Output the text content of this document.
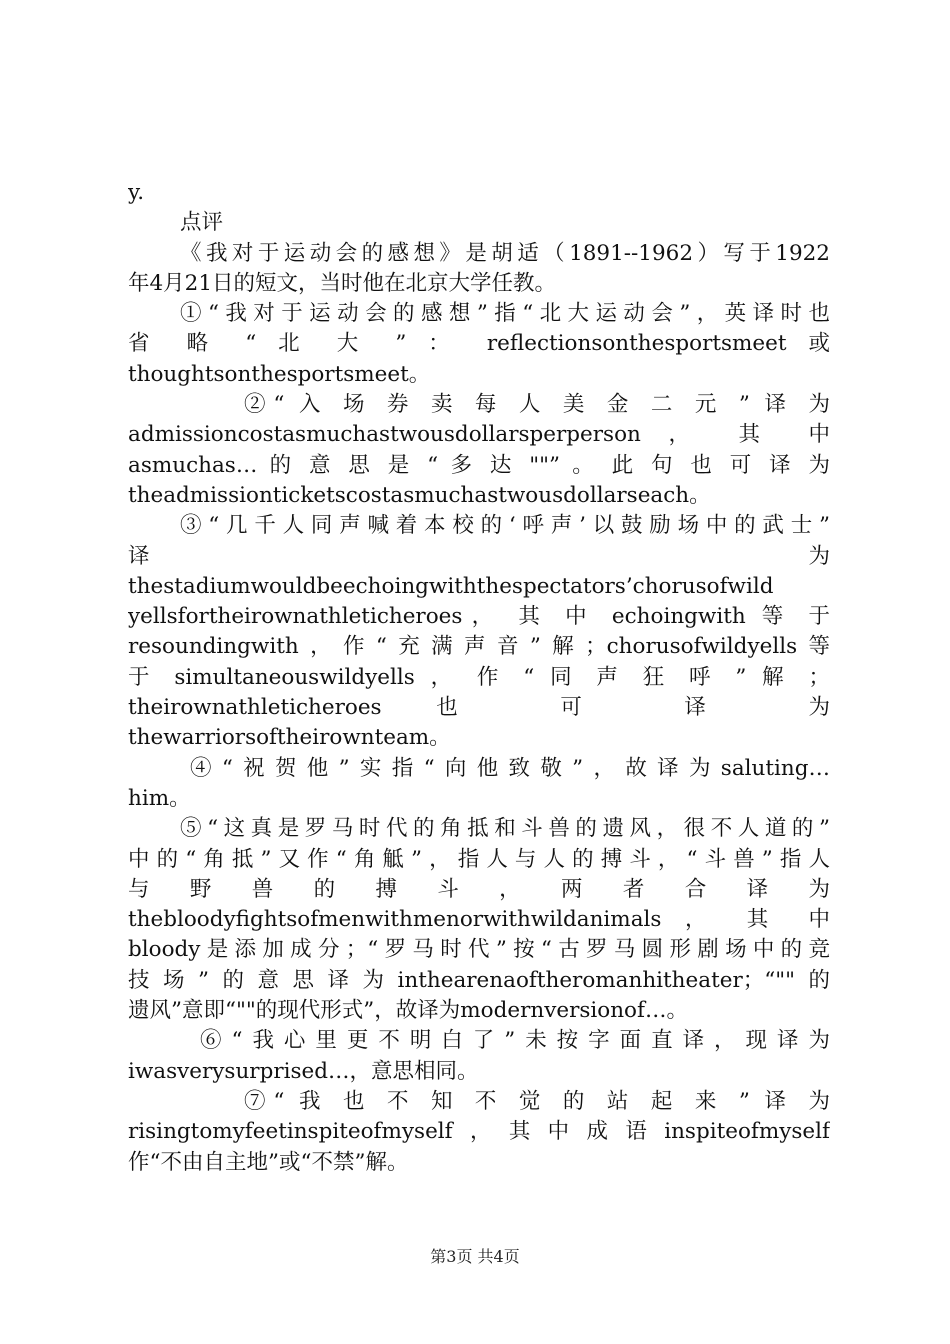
y.
点评
《我对于运动会的感想》是胡适（1891--1962）写于1922
年4月21日的短文，当时他在北京大学任教。
①“我对于运动会的感想”指“北大运动会”，英译时也
省 略 “ 北 大 ” ： reflectionsonthesportsmeet 或
thoughtsonthesportsmeet。
②“ 入 场 券 卖 每 人 美 金 二 元 ” 译 为
admissioncostasmuchastwousdollarsperperson ， 其 中
asmuchas… 的 意 思 是 “ 多 达 ""” 。 此 句 也 可 译 为
theadmissionticketscostasmuchastwousdollarseach。
③“几千人同声喊着本校的‘呼声’以鼓励场中的武士”
译 为
thestadiumwouldbeechoingwiththespectators’chorusofwild
yellsfortheirownathleticheroes， 其 中 echoingwith 等 于
resoundingwith，作“充满声音”解；chorusofwildyells等
于 simultaneouswildyells ， 作 “ 同 声 狂 呼 ” 解 ；
theirownathleticheroes 也 可 译 为
thewarriorsoftheirownteam。
④“祝贺他”实指“向他致敬”，故译为saluting…
him。
⑤“这真是罗马时代的角抵和斗兽的遗风，很不人道的”
中的“角抵”又作“角觝”，指人与人的搏斗，“斗兽”指人
与 野 兽 的 搏 斗 ， 两 者 合 译 为
thebloodyfightsofmenwithmenorwithwildanimals ， 其 中
bloody是添加成分；“罗马时代”按“古罗马圆形剧场中的竞
技场”的意思译为inthearenaoftheromanhitheater；“""的
遗风”意即“""的现代形式”，故译为modernversionof…。
⑥“我心里更不明白了”未按字面直译，现译为
iwasverysurprised…，意思相同。
⑦“ 我 也 不 知 不 觉 的 站 起 来 ” 译 为
risingtomyfeetinspiteofmyself，其中成语inspiteofmyself
作“不由自主地”或“不禁”解。
第3页 共4页
